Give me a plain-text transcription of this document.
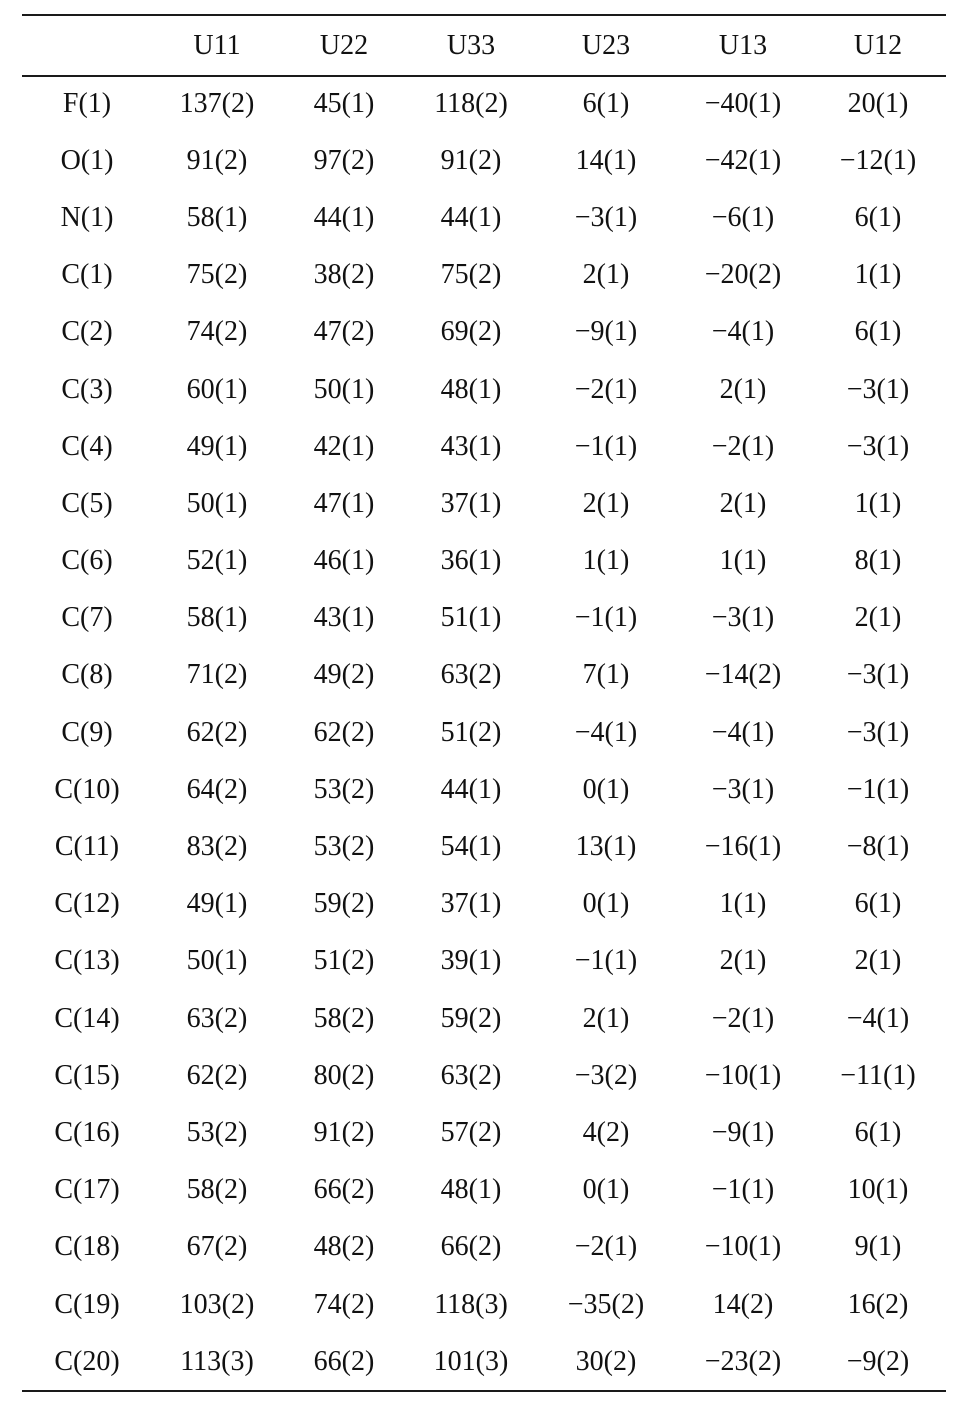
	U11	U22	U33	U23	U13	U12
F(1)	137(2)	45(1)	118(2)	6(1)	−40(1)	20(1)
O(1)	91(2)	97(2)	91(2)	14(1)	−42(1)	−12(1)
N(1)	58(1)	44(1)	44(1)	−3(1)	−6(1)	6(1)
C(1)	75(2)	38(2)	75(2)	2(1)	−20(2)	1(1)
C(2)	74(2)	47(2)	69(2)	−9(1)	−4(1)	6(1)
C(3)	60(1)	50(1)	48(1)	−2(1)	2(1)	−3(1)
C(4)	49(1)	42(1)	43(1)	−1(1)	−2(1)	−3(1)
C(5)	50(1)	47(1)	37(1)	2(1)	2(1)	1(1)
C(6)	52(1)	46(1)	36(1)	1(1)	1(1)	8(1)
C(7)	58(1)	43(1)	51(1)	−1(1)	−3(1)	2(1)
C(8)	71(2)	49(2)	63(2)	7(1)	−14(2)	−3(1)
C(9)	62(2)	62(2)	51(2)	−4(1)	−4(1)	−3(1)
C(10)	64(2)	53(2)	44(1)	0(1)	−3(1)	−1(1)
C(11)	83(2)	53(2)	54(1)	13(1)	−16(1)	−8(1)
C(12)	49(1)	59(2)	37(1)	0(1)	1(1)	6(1)
C(13)	50(1)	51(2)	39(1)	−1(1)	2(1)	2(1)
C(14)	63(2)	58(2)	59(2)	2(1)	−2(1)	−4(1)
C(15)	62(2)	80(2)	63(2)	−3(2)	−10(1)	−11(1)
C(16)	53(2)	91(2)	57(2)	4(2)	−9(1)	6(1)
C(17)	58(2)	66(2)	48(1)	0(1)	−1(1)	10(1)
C(18)	67(2)	48(2)	66(2)	−2(1)	−10(1)	9(1)
C(19)	103(2)	74(2)	118(3)	−35(2)	14(2)	16(2)
C(20)	113(3)	66(2)	101(3)	30(2)	−23(2)	−9(2)
